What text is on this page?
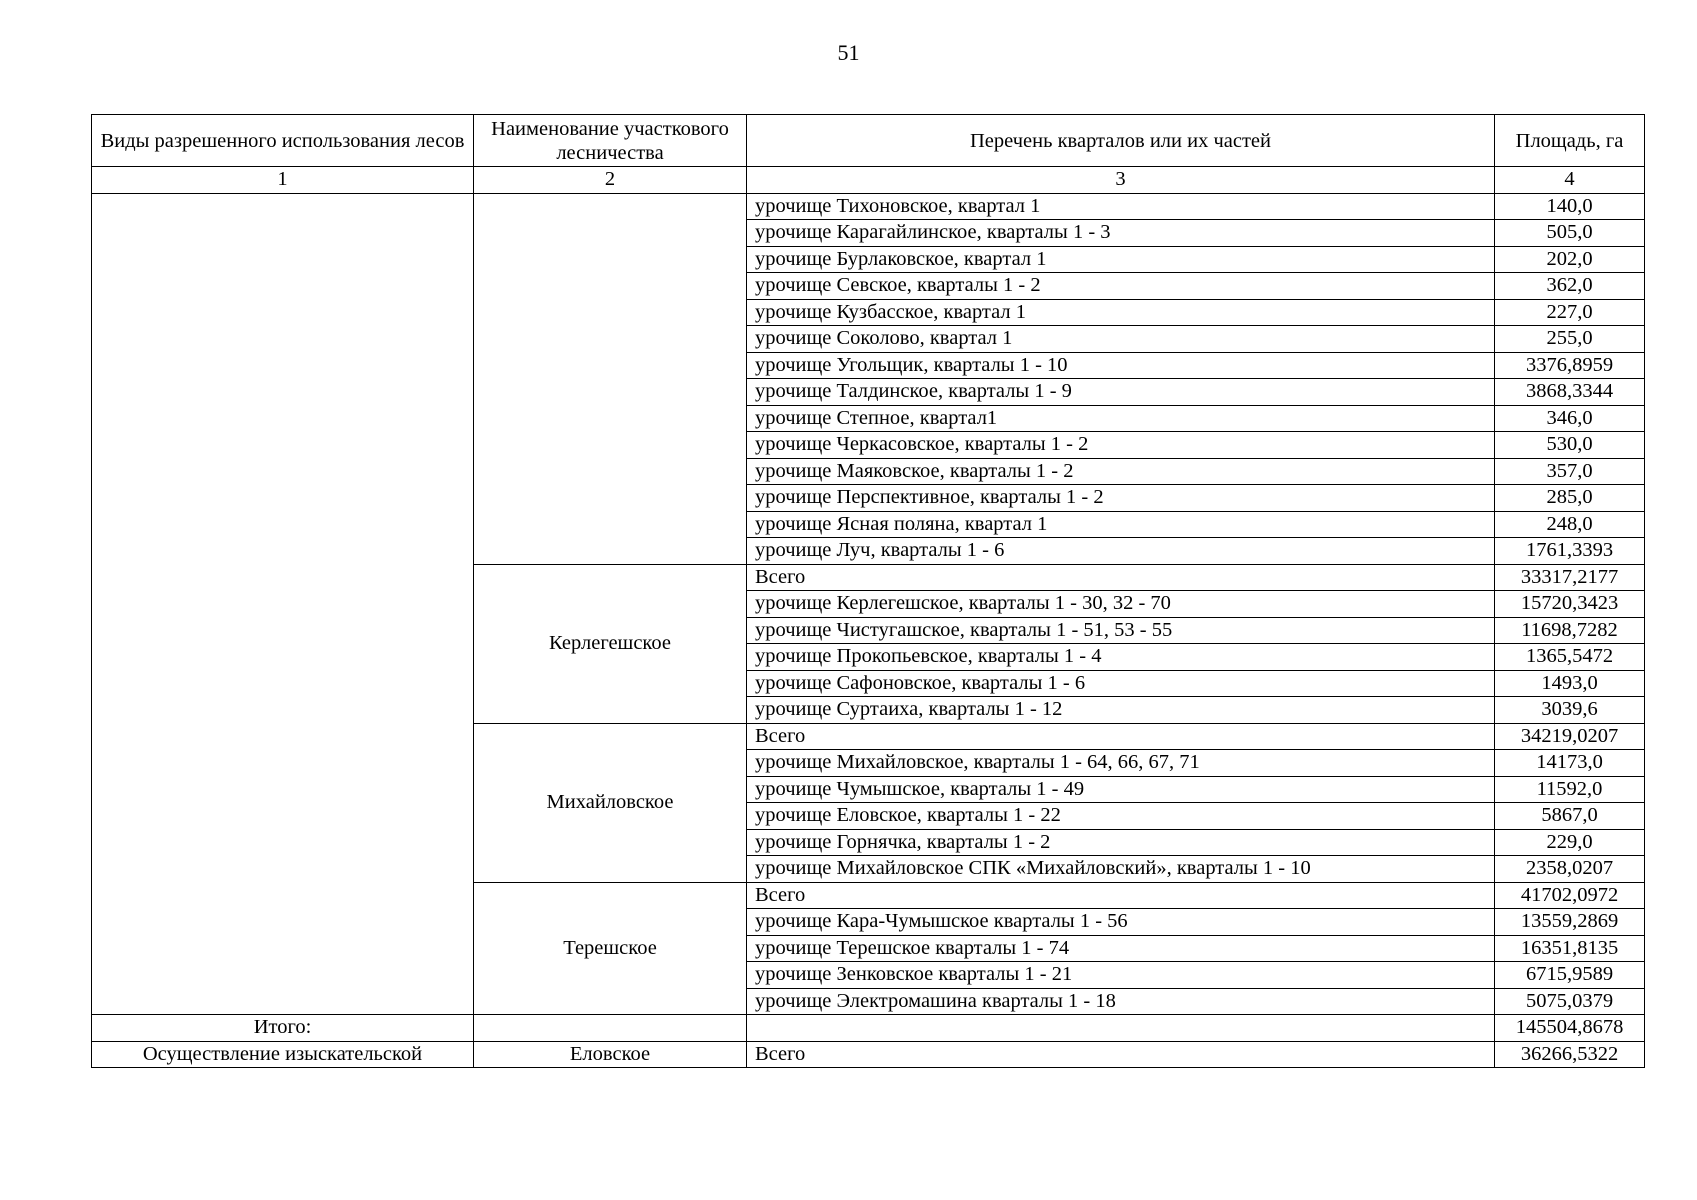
51
Виды разрешенного использования лесов	Наименование участкового лесничества	Перечень кварталов или их частей	Площадь, га
1	2	3	4
		урочище Тихоновское, квартал 1	140,0
		урочище Карагайлинское, кварталы 1 - 3	505,0
		урочище Бурлаковское, квартал 1	202,0
		урочище Севское, кварталы 1 - 2	362,0
		урочище Кузбасское, квартал 1	227,0
		урочище Соколово, квартал 1	255,0
		урочище Угольщик, кварталы 1 - 10	3376,8959
		урочище Талдинское, кварталы 1 - 9	3868,3344
		урочище Степное, квартал1	346,0
		урочище Черкасовское, кварталы 1 - 2	530,0
		урочище Маяковское, кварталы 1 - 2	357,0
		урочище Перспективное, кварталы 1 - 2	285,0
		урочище Ясная поляна, квартал 1	248,0
		урочище Луч, кварталы 1 - 6	1761,3393
	Керлегешское	Всего	33317,2177
		урочище Керлегешское, кварталы 1 - 30, 32 - 70	15720,3423
		урочище Чистугашское, кварталы 1 - 51, 53 - 55	11698,7282
		урочище Прокопьевское, кварталы 1 - 4	1365,5472
		урочище Сафоновское, кварталы 1 - 6	1493,0
		урочище Суртаиха, кварталы 1 - 12	3039,6
	Михайловское	Всего	34219,0207
		урочище Михайловское, кварталы 1 - 64, 66, 67, 71	14173,0
		урочище Чумышское, кварталы 1 - 49	11592,0
		урочище Еловское, кварталы 1 - 22	5867,0
		урочище Горнячка, кварталы 1 - 2	229,0
		урочище Михайловское СПК «Михайловский», кварталы 1 - 10	2358,0207
	Терешское	Всего	41702,0972
		урочище Кара-Чумышское кварталы 1 - 56	13559,2869
		урочище Терешское кварталы 1 - 74	16351,8135
		урочище Зенковское кварталы 1 - 21	6715,9589
		урочище Электромашина кварталы 1 - 18	5075,0379
Итого:			145504,8678
Осуществление изыскательской	Еловское	Всего	36266,5322
